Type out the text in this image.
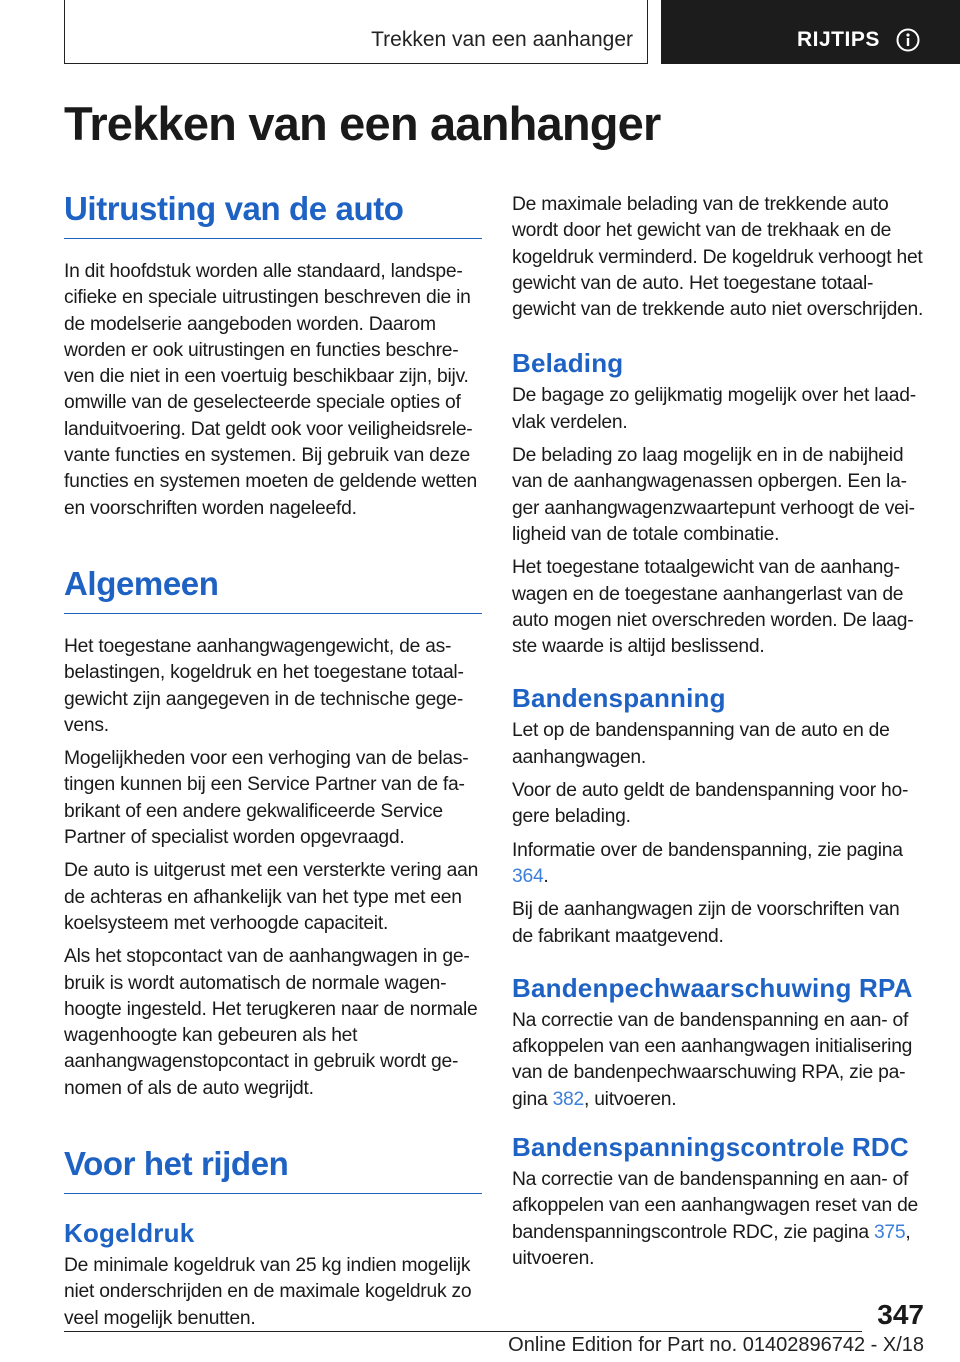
Trekken van een aanhanger	RIJTIPS
Trekken van een aanhanger
Uitrusting van de auto

In dit hoofdstuk worden alle standaard, landspecifieke en speciale uitrustingen beschreven die in de modelserie aangeboden worden. Daarom worden er ook uitrustingen en functies beschreven die niet in een voertuig beschikbaar zijn, bijv. omwille van de geselecteerde speciale opties of landuitvoering. Dat geldt ook voor veiligheidsrelevante functies en systemen. Bij gebruik van deze functies en systemen moeten de geldende wetten en voorschriften worden nageleefd.

Algemeen

Het toegestane aanhangwagengewicht, de asbelastingen, kogeldruk en het toegestane totaalgewicht zijn aangegeven in de technische gegevens.

Mogelijkheden voor een verhoging van de belastingen kunnen bij een Service Partner van de fabrikant of een andere gekwalificeerde Service Partner of specialist worden opgevraagd.

De auto is uitgerust met een versterkte vering aan de achteras en afhankelijk van het type met een koelsysteem met verhoogde capaciteit.

Als het stopcontact van de aanhangwagen in gebruik is wordt automatisch de normale wagenhoogte ingesteld. Het terugkeren naar de normale wagenhoogte kan gebeuren als het aanhangwagenstopcontact in gebruik wordt genomen of als de auto wegrijdt.

Voor het rijden
Kogeldruk

De minimale kogeldruk van 25 kg indien mogelijk niet onderschrijden en de maximale kogeldruk zo veel mogelijk benutten.

De maximale belading van de trekkende auto wordt door het gewicht van de trekhaak en de kogeldruk verminderd. De kogeldruk verhoogt het gewicht van de auto. Het toegestane totaalgewicht van de trekkende auto niet overschrijden.

Belading

De bagage zo gelijkmatig mogelijk over het laadvlak verdelen.

De belading zo laag mogelijk en in de nabijheid van de aanhangwagenassen opbergen. Een lager aanhangwagenzwaartepunt verhoogt de veiligheid van de totale combinatie.

Het toegestane totaalgewicht van de aanhangwagen en de toegestane aanhangerlast van de auto mogen niet overschreden worden. De laagste waarde is altijd beslissend.

Bandenspanning

Let op de bandenspanning van de auto en de aanhangwagen.

Voor de auto geldt de bandenspanning voor hogere belading.

Informatie over de bandenspanning, zie pagina 364.

Bij de aanhangwagen zijn de voorschriften van de fabrikant maatgevend.

Bandenpechwaarschuwing RPA

Na correctie van de bandenspanning en aan- of afkoppelen van een aanhangwagen initialisering van de bandenpechwaarschuwing RPA, zie pagina 382, uitvoeren.

Bandenspanningscontrole RDC

Na correctie van de bandenspanning en aan- of afkoppelen van een aanhangwagen reset van de bandenspanningscontrole RDC, zie pagina 375, uitvoeren.

347
Online Edition for Part no. 01402896742 - X/18
